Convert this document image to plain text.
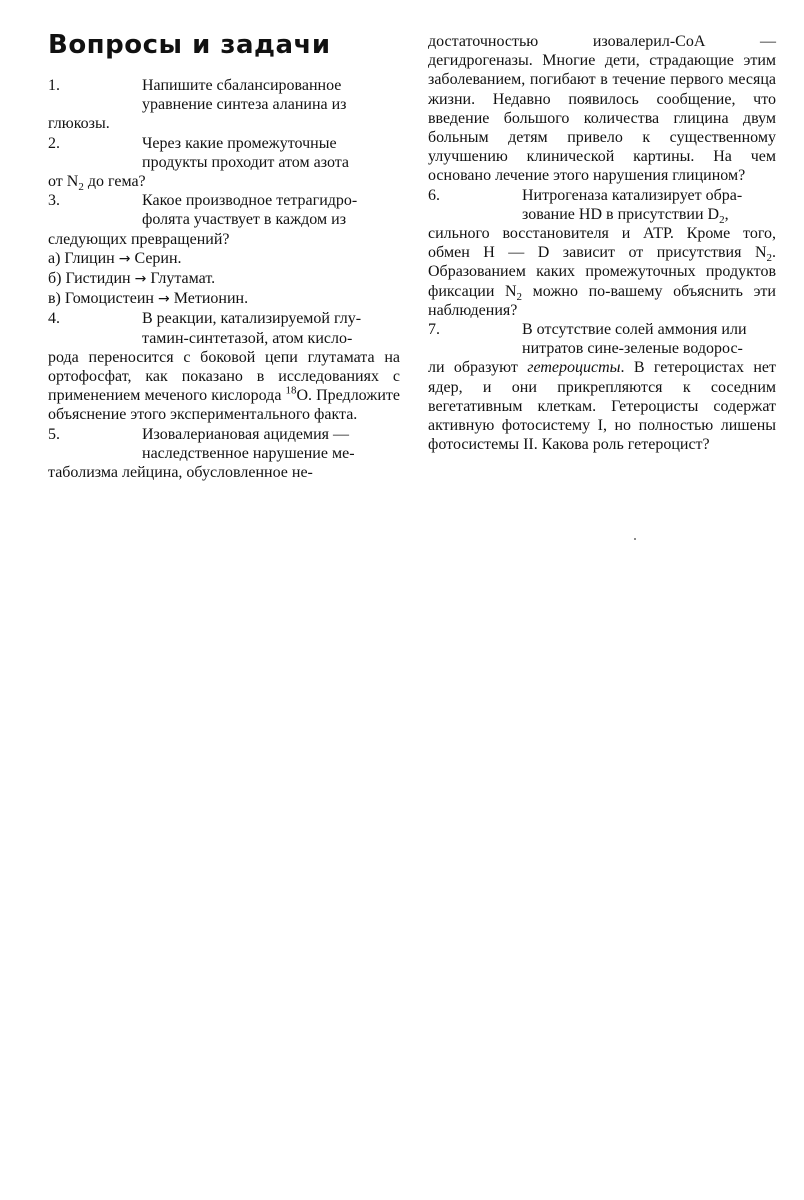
Вопросы и задачи
1.	Напишите сбалансированное
уравнение синтеза аланина из
глюкозы.
2.	Через какие промежуточные
продукты проходит атом азота
от $N_2$ до гема?
3.	Какое производное тетрагидро-
фолята участвует в каждом из
следующих превращений?
а) Глицин → Серин.
б) Гистидин → Глутамат.
в) Гомоцистеин → Метионин.
4.	В реакции, катализируемой глу-
тамин-синтетазой, атом кисло-
рода переносится с боковой цепи глутамата на ортофосфат, как показано в исследованиях с применением меченого кислорода $^{18}$O. Предложите объяснение этого экспериментального факта.
5.	Изовалериановая ацидемия —
наследственное нарушение ме-
таболизма лейцина, обусловленное не-
достаточностью изовалерил-СоА — дегидрогеназы. Многие дети, страдающие этим заболеванием, погибают в течение первого месяца жизни. Недавно появилось сообщение, что введение большого количества глицина двум больным детям привело к существенному улучшению клинической картины. На чем основано лечение этого нарушения глицином?
6.	Нитрогеназа катализирует обра-
зование HD в присутствии $D_2$,
сильного восстановителя и АТР. Кроме того, обмен H — D зависит от присутствия $N_2$. Образованием каких промежуточных продуктов фиксации $N_2$ можно по-вашему объяснить эти наблюдения?
7.	В отсутствие солей аммония или
нитратов сине-зеленые водорос-
ли образуют гетероцисты. В гетероцистах нет ядер, и они прикрепляются к соседним вегетативным клеткам. Гетероцисты содержат активную фотосистему I, но полностью лишены фотосистемы II. Какова роль гетероцист?
